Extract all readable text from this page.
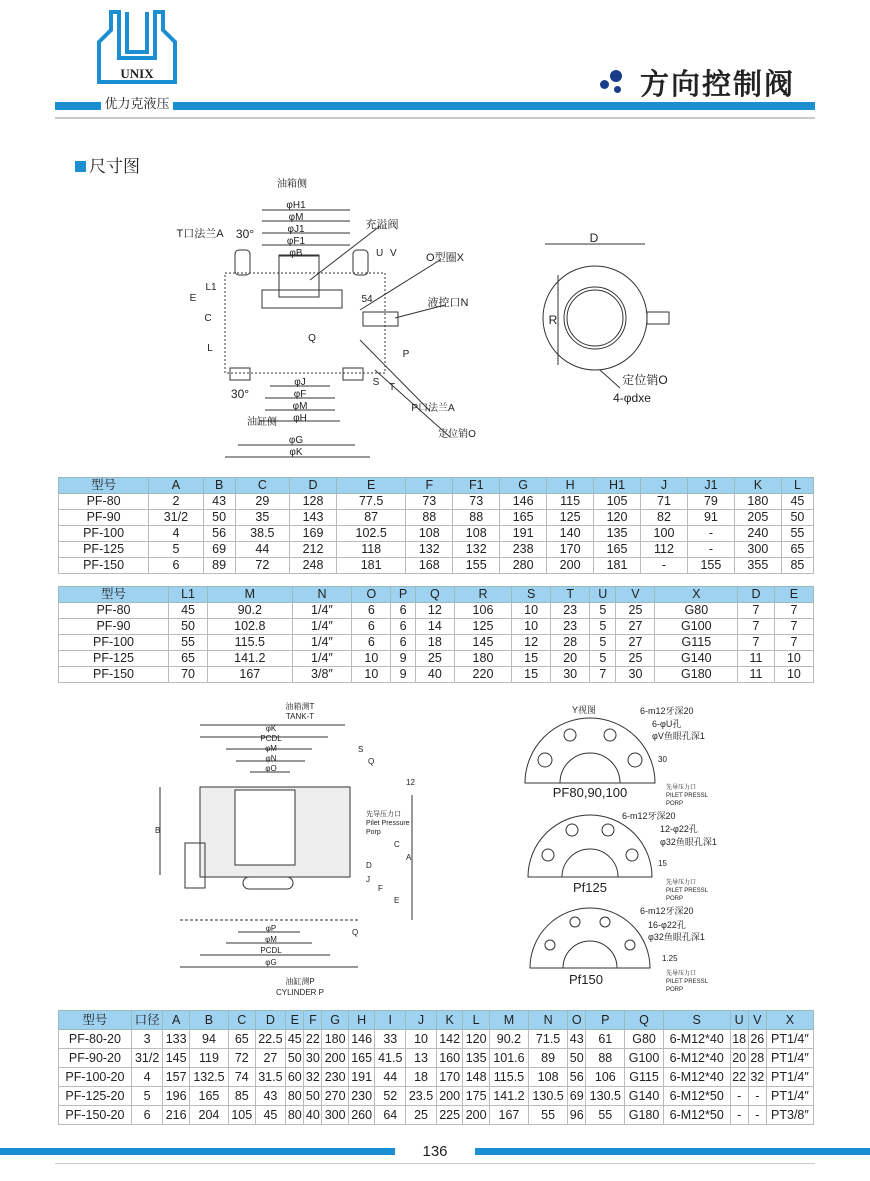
UNIX
优力克液压
方向控制阀
尺寸图
油箱侧
φH1
φM
φJ1
φF1
φB
充溢阀
T口法兰A 30°
U V	O型圈X
E
L1
54	液控口N
C
Q
L
P
S T
30°
φJ
φF
φM
φH
油缸侧
P口法兰A
定位销O
φG
φK
D
R
定位销O
4-φdxe
型号	A	B	C	D	E	F	F1	G	H	H1	J	J1	K	L
PF-80	2	43	29	128	77.5	73	73	146	115	105	71	79	180	45
PF-90	31/2	50	35	143	87	88	88	165	125	120	82	91	205	50
PF-100	4	56	38.5	169	102.5	108	108	191	140	135	100	-	240	55
PF-125	5	69	44	212	118	132	132	238	170	165	112	-	300	65
PF-150	6	89	72	248	181	168	155	280	200	181	-	155	355	85
型号	L1	M	N	O	P	Q	R	S	T	U	V	X	D	E
PF-80	45	90.2	1/4″	6	6	12	106	10	23	5	25	G80	7	7
PF-90	50	102.8	1/4″	6	6	14	125	10	23	5	27	G100	7	7
PF-100	55	115.5	1/4″	6	6	18	145	12	28	5	27	G115	7	7
PF-125	65	141.2	1/4″	10	9	25	180	15	20	5	25	G140	11	10
PF-150	70	167	3/8″	10	9	40	220	15	30	7	30	G180	11	10
油箱测T
TANK-T
φK
PCDL
φM
φN
φO
S
Q
12
B
先导压力口
Pilet Pressure
Porp
C
A
D
J
F
E
Q
φP
φM
PCDL
φG
油缸测P
CYLINDER P
Y视图	6-m12牙深20
6-φU孔
φV鱼眼孔深1
30
PF80,90,100	先导压力口
PILET PRESSL
PORP
6-m12牙深20
12-φ22孔
φ32鱼眼孔深1
15
Pf125	先导压力口
PILET PRESSL
PORP
6-m12牙深20
16-φ22孔
φ32鱼眼孔深1
1.25
Pf150	先导压力口
PILET PRESSL
PORP
型号	口径	A	B	C	D	E	F	G	H	I	J	K	L	M	N	O	P	Q	S	U	V	X
PF-80-20	3	133	94	65	22.5	45	22	180	146	33	10	142	120	90.2	71.5	43	61	G80	6-M12*40	18	26	PT1/4″
PF-90-20	31/2	145	119	72	27	50	30	200	165	41.5	13	160	135	101.6	89	50	88	G100	6-M12*40	20	28	PT1/4″
PF-100-20	4	157	132.5	74	31.5	60	32	230	191	44	18	170	148	115.5	108	56	106	G115	6-M12*40	22	32	PT1/4″
PF-125-20	5	196	165	85	43	80	50	270	230	52	23.5	200	175	141.2	130.5	69	130.5	G140	6-M12*50	-	-	PT1/4″
PF-150-20	6	216	204	105	45	80	40	300	260	64	25	225	200	167	55	96	55	G180	6-M12*50	-	-	PT3/8″
136
